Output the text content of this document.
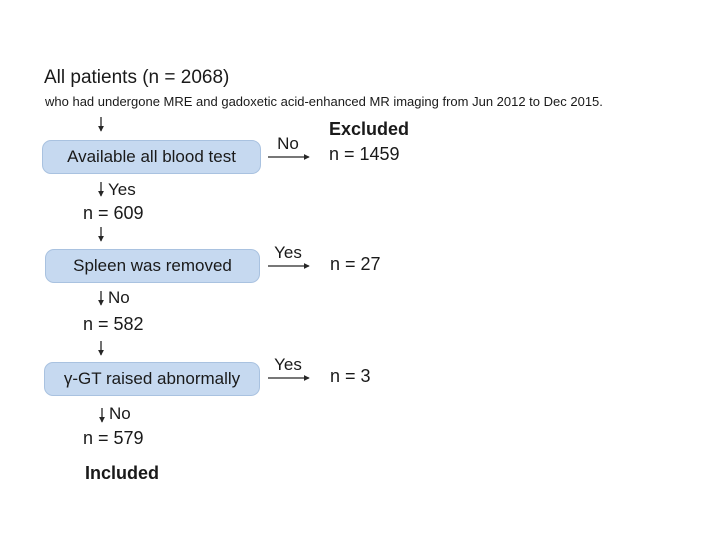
All patients (n = 2068)
who had undergone MRE and gadoxetic acid-enhanced MR imaging from Jun 2012 to Dec 2015.
Available all blood test
No
Excluded
n = 1459
Yes
n = 609
Spleen was removed
Yes
n = 27
No
n = 582
γ-GT raised abnormally
Yes
n = 3
No
n = 579
Included
